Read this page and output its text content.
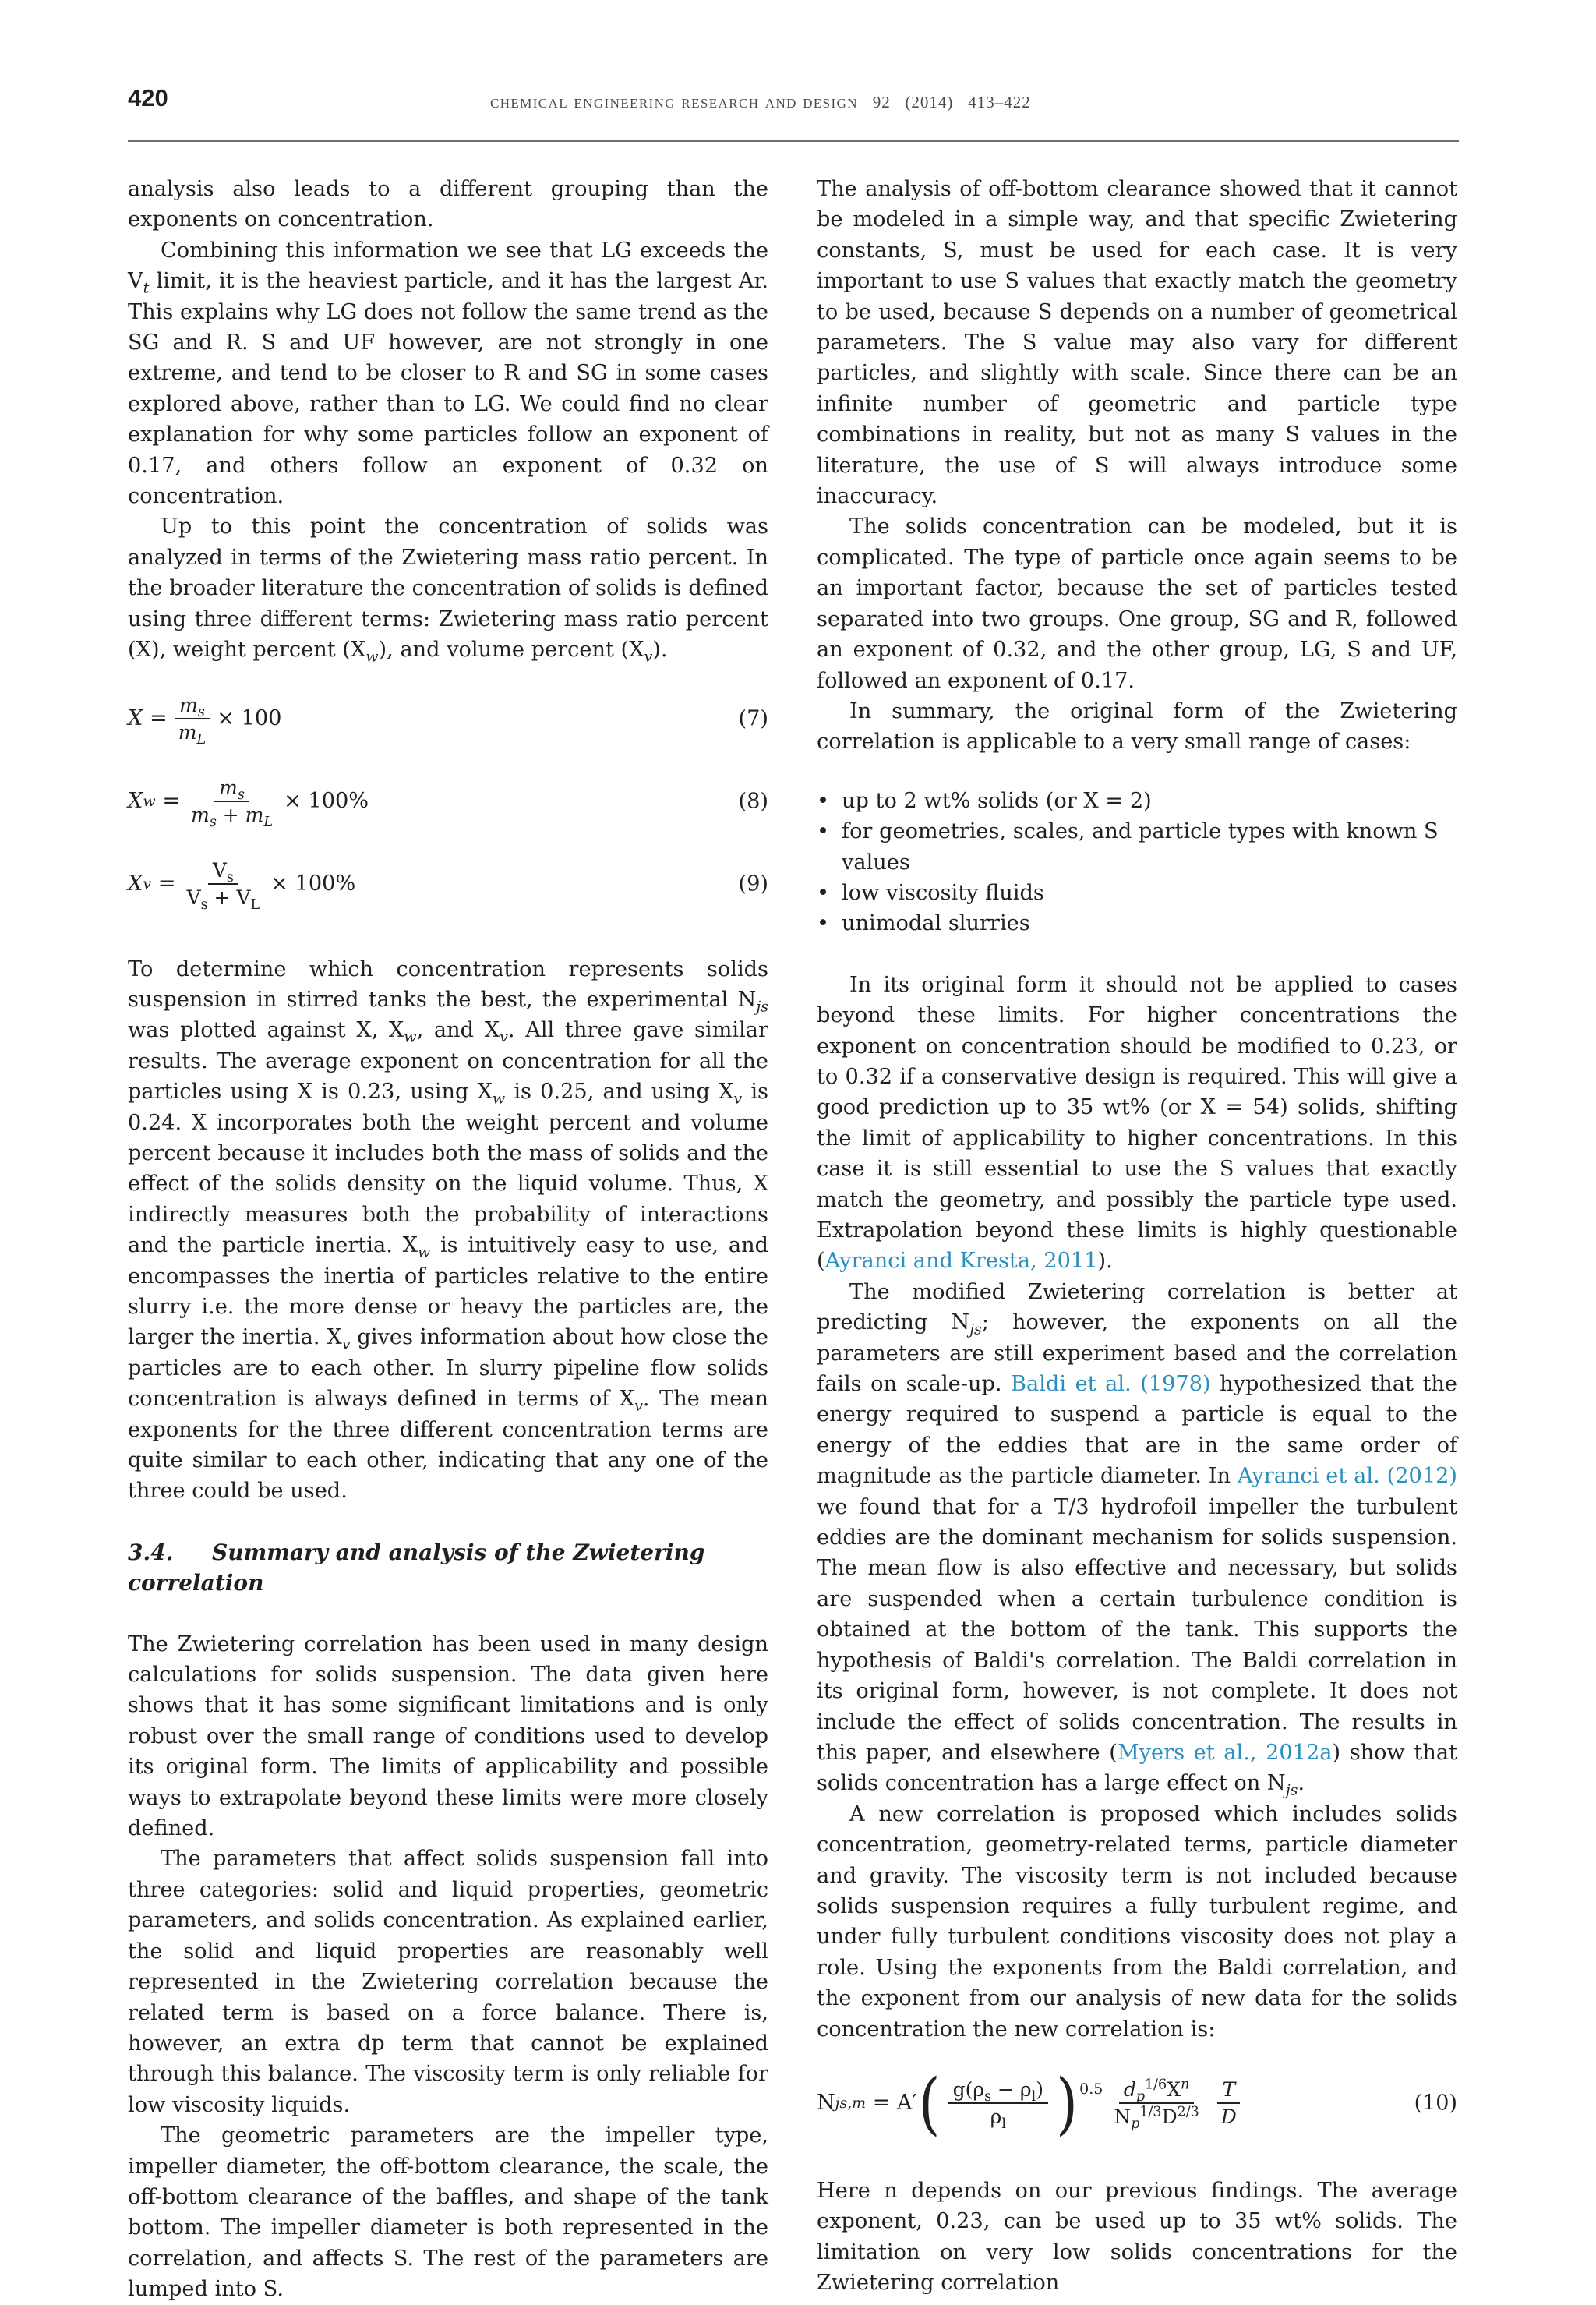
420	chemical engineering research and design 92 (2014) 413–422

analysis also leads to a different grouping than the exponents on concentration.

Combining this information we see that LG exceeds the $V_t$ limit, it is the heaviest particle, and it has the largest Ar. This explains why LG does not follow the same trend as the SG and R. S and UF however, are not strongly in one extreme, and tend to be closer to R and SG in some cases explored above, rather than to LG. We could find no clear explanation for why some particles follow an exponent of 0.17, and others follow an exponent of 0.32 on concentration.

Up to this point the concentration of solids was analyzed in terms of the Zwietering mass ratio percent. In the broader literature the concentration of solids is defined using three different terms: Zwietering mass ratio percent (X), weight percent $(X_w)$, and volume percent $(X_v)$.

$X = \frac{m_s}{m_L} \times 100$	(7)
X w
= $\frac{m_s}{m_s + m_L} \times 100\%$	(8)
X v
= $\frac{V_s}{V_s + V_L} \times 100\%$	(9)

To determine which concentration represents solids suspension in stirred tanks the best, the experimental $N_{js}$ was plotted against X, $X_w$, and $X_v$. All three gave similar results. The average exponent on concentration for all the particles using X is 0.23, using $X_w$ is 0.25, and using $X_v$ is 0.24. X incorporates both the weight percent and volume percent because it includes both the mass of solids and the effect of the solids density on the liquid volume. Thus, X indirectly measures both the probability of interactions and the particle inertia. $X_w$ is intuitively easy to use, and encompasses the inertia of particles relative to the entire slurry i.e. the more dense or heavy the particles are, the larger the inertia. $X_v$ gives information about how close the particles are to each other. In slurry pipeline flow solids concentration is always defined in terms of $X_v$. The mean exponents for the three different concentration terms are quite similar to each other, indicating that any one of the three could be used.

3.4. Summary and analysis of the Zwietering correlation

The Zwietering correlation has been used in many design calculations for solids suspension. The data given here shows that it has some significant limitations and is only robust over the small range of conditions used to develop its original form. The limits of applicability and possible ways to extrapolate beyond these limits were more closely defined.

The parameters that affect solids suspension fall into three categories: solid and liquid properties, geometric parameters, and solids concentration. As explained earlier, the solid and liquid properties are reasonably well represented in the Zwietering correlation because the related term is based on a force balance. There is, however, an extra dp term that cannot be explained through this balance. The viscosity term is only reliable for low viscosity liquids.

The geometric parameters are the impeller type, impeller diameter, the off-bottom clearance, the scale, the off-bottom clearance of the baffles, and shape of the tank bottom. The impeller diameter is both represented in the correlation, and affects S. The rest of the parameters are lumped into S.

The analysis of off-bottom clearance showed that it cannot be modeled in a simple way, and that specific Zwietering constants, S, must be used for each case. It is very important to use S values that exactly match the geometry to be used, because S depends on a number of geometrical parameters. The S value may also vary for different particles, and slightly with scale. Since there can be an infinite number of geometric and particle type combinations in reality, but not as many S values in the literature, the use of S will always introduce some inaccuracy.

The solids concentration can be modeled, but it is complicated. The type of particle once again seems to be an important factor, because the set of particles tested separated into two groups. One group, SG and R, followed an exponent of 0.32, and the other group, LG, S and UF, followed an exponent of 0.17.

In summary, the original form of the Zwietering correlation is applicable to a very small range of cases:

• up to 2 wt% solids (or X = 2)
• for geometries, scales, and particle types with known S values
• low viscosity fluids
• unimodal slurries

In its original form it should not be applied to cases beyond these limits. For higher concentrations the exponent on concentration should be modified to 0.23, or to 0.32 if a conservative design is required. This will give a good prediction up to 35 wt% (or X = 54) solids, shifting the limit of applicability to higher concentrations. In this case it is still essential to use the S values that exactly match the geometry, and possibly the particle type used. Extrapolation beyond these limits is highly questionable (Ayranci and Kresta, 2011).

The modified Zwietering correlation is better at predicting $N_{js}$; however, the exponents on all the parameters are still experiment based and the correlation fails on scale-up. Baldi et al. (1978) hypothesized that the energy required to suspend a particle is equal to the energy of the eddies that are in the same order of magnitude as the particle diameter. In Ayranci et al. (2012) we found that for a T/3 hydrofoil impeller the turbulent eddies are the dominant mechanism for solids suspension. The mean flow is also effective and necessary, but solids are suspended when a certain turbulence condition is obtained at the bottom of the tank. This supports the hypothesis of Baldi's correlation. The Baldi correlation in its original form, however, is not complete. It does not include the effect of solids concentration. The results in this paper, and elsewhere (Myers et al., 2012a) show that solids concentration has a large effect on $N_{js}$.

A new correlation is proposed which includes solids concentration, geometry-related terms, particle diameter and gravity. The viscosity term is not included because solids suspension requires a fully turbulent regime, and under fully turbulent conditions viscosity does not play a role. Using the exponents from the Baldi correlation, and the exponent from our analysis of new data for the solids concentration the new correlation is:

N js,m
= A′ ( $\frac{g(\rho_s - \rho_l)}{\rho_l} )^{0.5} \frac{d_p^{1/6}X^n}{N_p^{1/3}D^{2/3}} \frac{T}{D}$	(10)

Here n depends on our previous findings. The average exponent, 0.23, can be used up to 35 wt% solids. The limitation on very low solids concentrations for the Zwietering correlation
